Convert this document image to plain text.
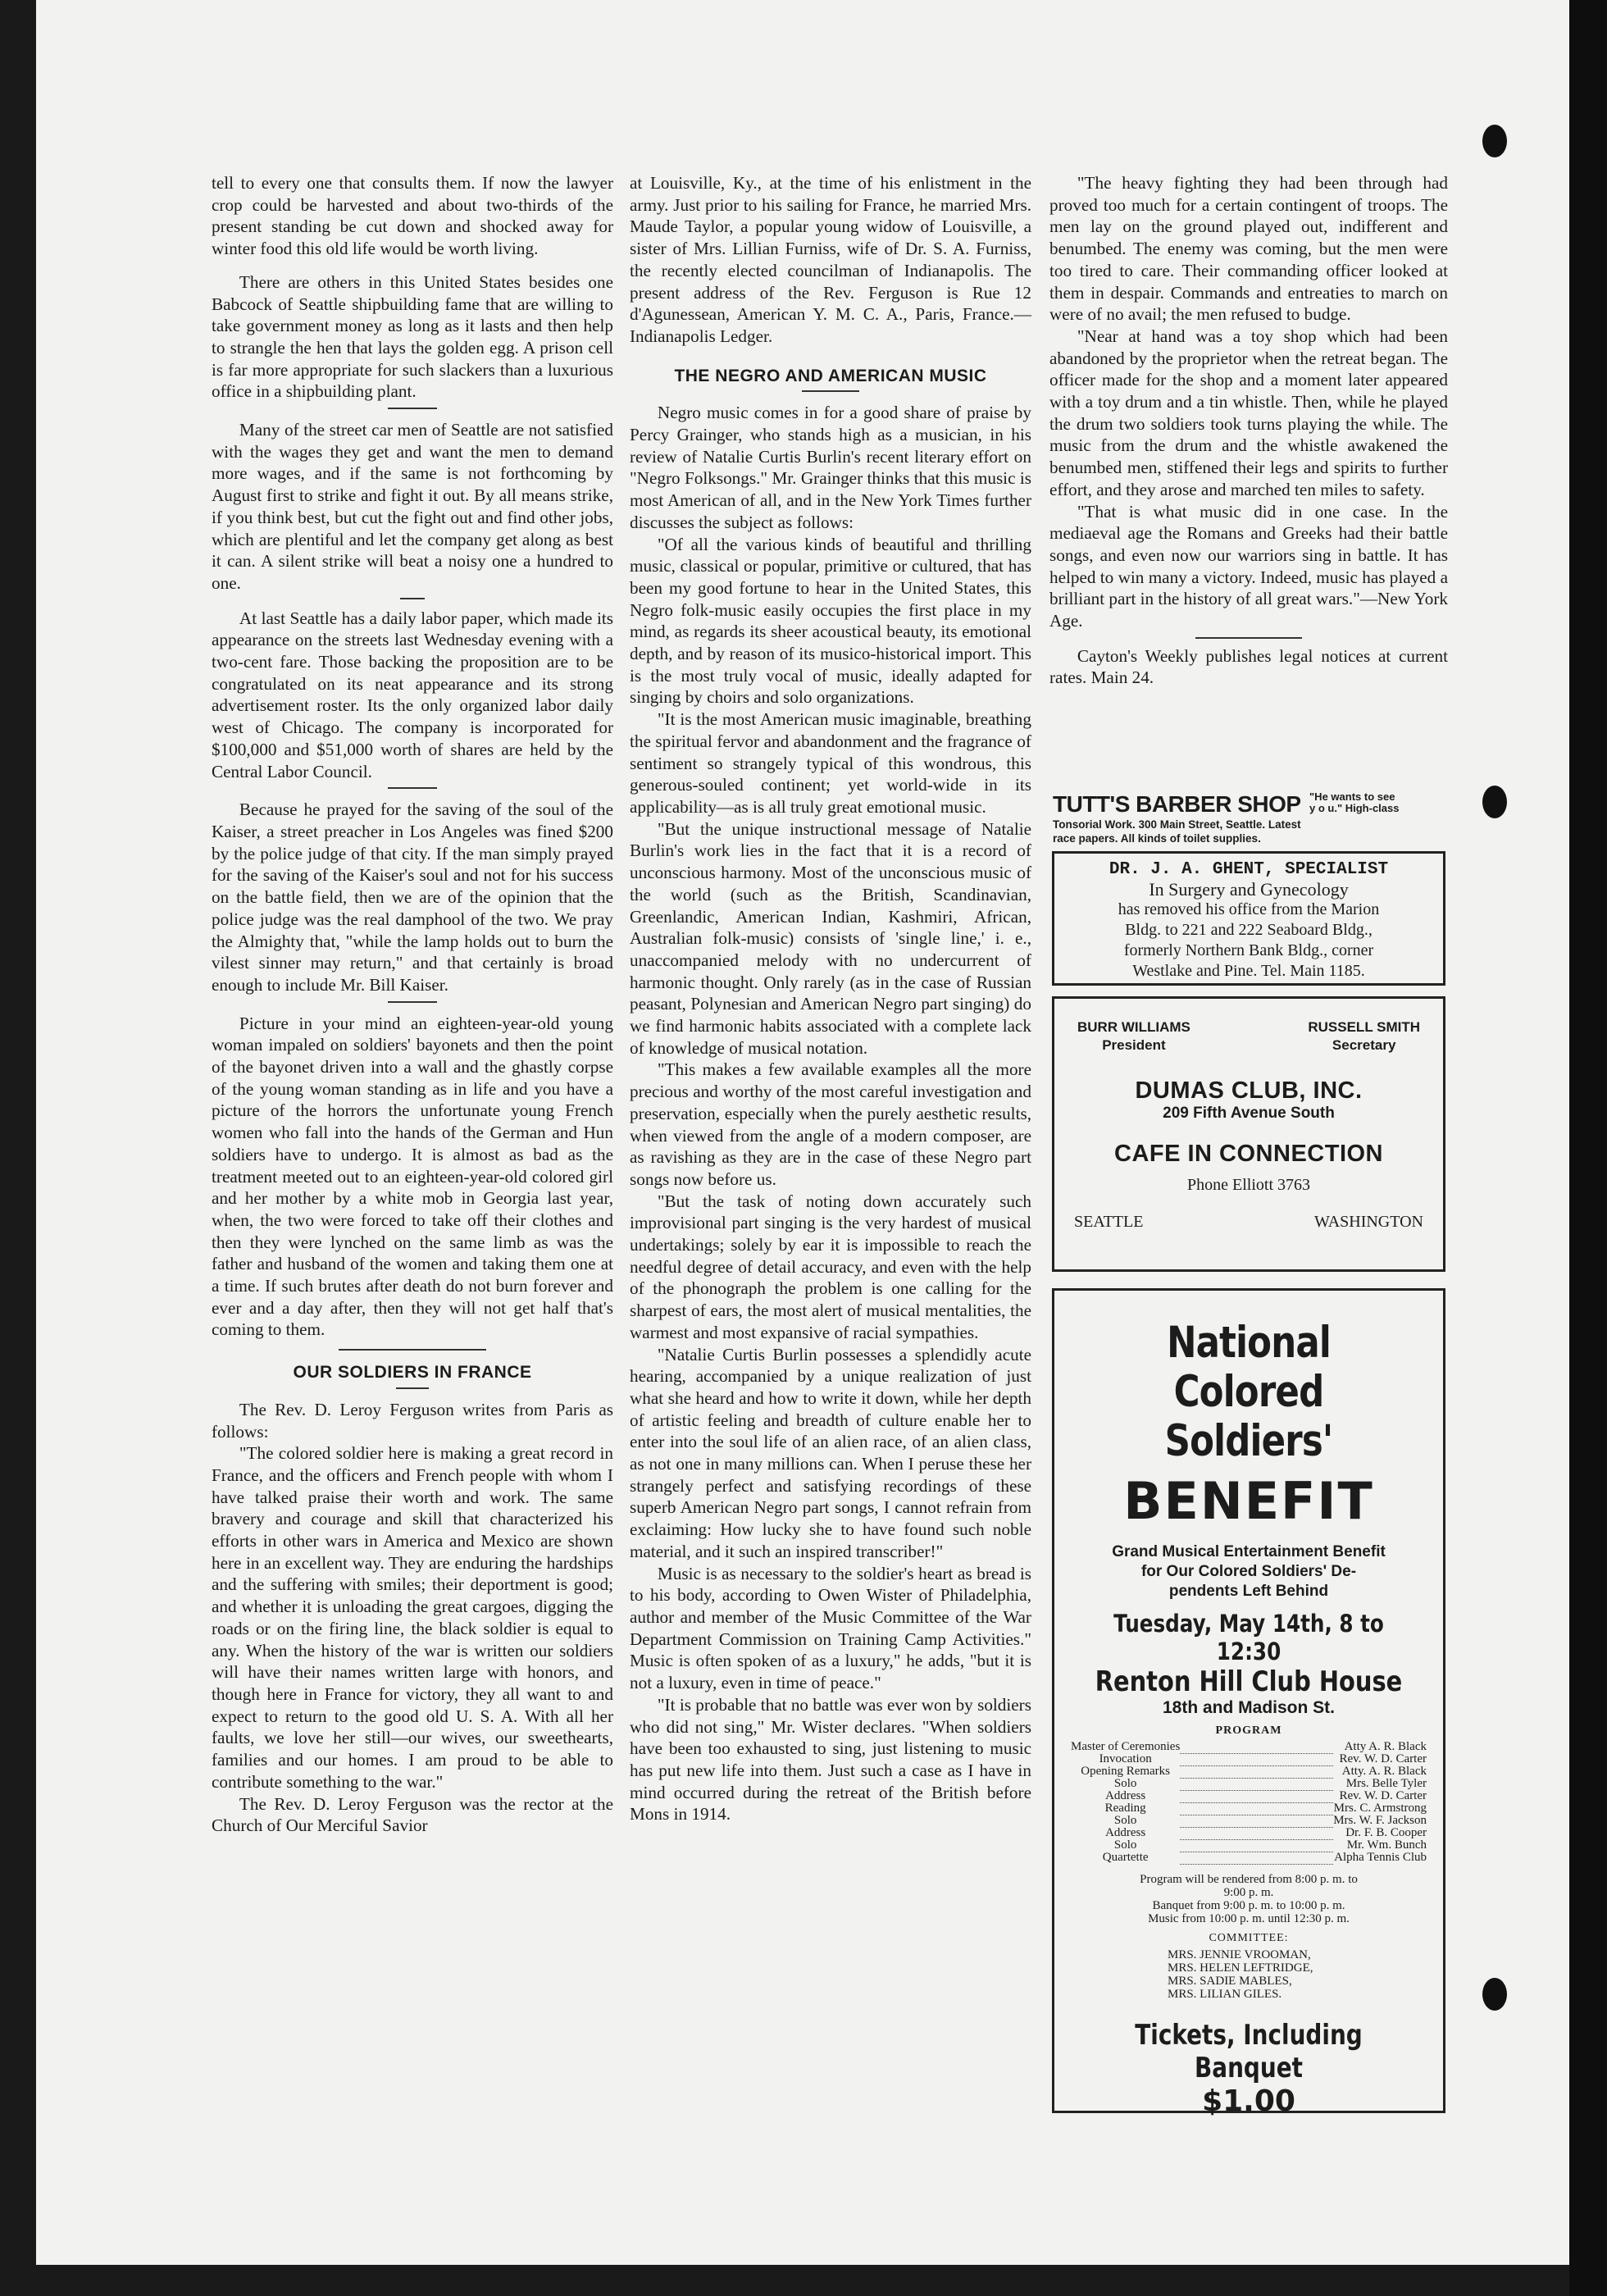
tell to every one that consults them. If now the lawyer crop could be harvested and about two-thirds of the present standing be cut down and shocked away for winter food this old life would be worth living.

There are others in this United States besides one Babcock of Seattle shipbuilding fame that are willing to take government money as long as it lasts and then help to strangle the hen that lays the golden egg. A prison cell is far more appropriate for such slackers than a luxurious office in a shipbuilding plant.

Many of the street car men of Seattle are not satisfied with the wages they get and want the men to demand more wages, and if the same is not forthcoming by August first to strike and fight it out. By all means strike, if you think best, but cut the fight out and find other jobs, which are plentiful and let the company get along as best it can. A silent strike will beat a noisy one a hundred to one.

At last Seattle has a daily labor paper, which made its appearance on the streets last Wednesday evening with a two-cent fare. Those backing the proposition are to be congratulated on its neat appearance and its strong advertisement roster. Its the only organized labor daily west of Chicago. The company is incorporated for $100,000 and $51,000 worth of shares are held by the Central Labor Council.

Because he prayed for the saving of the soul of the Kaiser, a street preacher in Los Angeles was fined $200 by the police judge of that city. If the man simply prayed for the saving of the Kaiser's soul and not for his success on the battle field, then we are of the opinion that the police judge was the real damphool of the two. We pray the Almighty that, "while the lamp holds out to burn the vilest sinner may return," and that certainly is broad enough to include Mr. Bill Kaiser.

Picture in your mind an eighteen-year-old young woman impaled on soldiers' bayonets and then the point of the bayonet driven into a wall and the ghastly corpse of the young woman standing as in life and you have a picture of the horrors the unfortunate young French women who fall into the hands of the German and Hun soldiers have to undergo. It is almost as bad as the treatment meeted out to an eighteen-year-old colored girl and her mother by a white mob in Georgia last year, when, the two were forced to take off their clothes and then they were lynched on the same limb as was the father and husband of the women and taking them one at a time. If such brutes after death do not burn forever and ever and a day after, then they will not get half that's coming to them.

OUR SOLDIERS IN FRANCE

The Rev. D. Leroy Ferguson writes from Paris as follows:

"The colored soldier here is making a great record in France, and the officers and French people with whom I have talked praise their worth and work. The same bravery and courage and skill that characterized his efforts in other wars in America and Mexico are shown here in an excellent way. They are enduring the hardships and the suffering with smiles; their deportment is good; and whether it is unloading the great cargoes, digging the roads or on the firing line, the black soldier is equal to any. When the history of the war is written our soldiers will have their names written large with honors, and though here in France for victory, they all want to and expect to return to the good old U. S. A. With all her faults, we love her still—our wives, our sweethearts, families and our homes. I am proud to be able to contribute something to the war."

The Rev. D. Leroy Ferguson was the rector at the Church of Our Merciful Savior

at Louisville, Ky., at the time of his enlistment in the army. Just prior to his sailing for France, he married Mrs. Maude Taylor, a popular young widow of Louisville, a sister of Mrs. Lillian Furniss, wife of Dr. S. A. Furniss, the recently elected councilman of Indianapolis. The present address of the Rev. Ferguson is Rue 12 d'Agunessean, American Y. M. C. A., Paris, France.—Indianapolis Ledger.

THE NEGRO AND AMERICAN MUSIC

Negro music comes in for a good share of praise by Percy Grainger, who stands high as a musician, in his review of Natalie Curtis Burlin's recent literary effort on "Negro Folksongs." Mr. Grainger thinks that this music is most American of all, and in the New York Times further discusses the subject as follows:

"Of all the various kinds of beautiful and thrilling music, classical or popular, primitive or cultured, that has been my good fortune to hear in the United States, this Negro folk-music easily occupies the first place in my mind, as regards its sheer acoustical beauty, its emotional depth, and by reason of its musico-historical import. This is the most truly vocal of music, ideally adapted for singing by choirs and solo organizations.

"It is the most American music imaginable, breathing the spiritual fervor and abandonment and the fragrance of sentiment so strangely typical of this wondrous, this generous-souled continent; yet world-wide in its applicability—as is all truly great emotional music.

"But the unique instructional message of Natalie Burlin's work lies in the fact that it is a record of unconscious harmony. Most of the unconscious music of the world (such as the British, Scandinavian, Greenlandic, American Indian, Kashmiri, African, Australian folk-music) consists of 'single line,' i. e., unaccompanied melody with no undercurrent of harmonic thought. Only rarely (as in the case of Russian peasant, Polynesian and American Negro part singing) do we find harmonic habits associated with a complete lack of knowledge of musical notation.

"This makes a few available examples all the more precious and worthy of the most careful investigation and preservation, especially when the purely aesthetic results, when viewed from the angle of a modern composer, are as ravishing as they are in the case of these Negro part songs now before us.

"But the task of noting down accurately such improvisional part singing is the very hardest of musical undertakings; solely by ear it is impossible to reach the needful degree of detail accuracy, and even with the help of the phonograph the problem is one calling for the sharpest of ears, the most alert of musical mentalities, the warmest and most expansive of racial sympathies.

"Natalie Curtis Burlin possesses a splendidly acute hearing, accompanied by a unique realization of just what she heard and how to write it down, while her depth of artistic feeling and breadth of culture enable her to enter into the soul life of an alien race, of an alien class, as not one in many millions can. When I peruse these her strangely perfect and satisfying recordings of these superb American Negro part songs, I cannot refrain from exclaiming: How lucky she to have found such noble material, and it such an inspired transcriber!"

Music is as necessary to the soldier's heart as bread is to his body, according to Owen Wister of Philadelphia, author and member of the Music Committee of the War Department Commission on Training Camp Activities." Music is often spoken of as a luxury," he adds, "but it is not a luxury, even in time of peace."

"It is probable that no battle was ever won by soldiers who did not sing," Mr. Wister declares. "When soldiers have been too exhausted to sing, just listening to music has put new life into them. Just such a case as I have in mind occurred during the retreat of the British before Mons in 1914.

"The heavy fighting they had been through had proved too much for a certain contingent of troops. The men lay on the ground played out, indifferent and benumbed. The enemy was coming, but the men were too tired to care. Their commanding officer looked at them in despair. Commands and entreaties to march on were of no avail; the men refused to budge.

"Near at hand was a toy shop which had been abandoned by the proprietor when the retreat began. The officer made for the shop and a moment later appeared with a toy drum and a tin whistle. Then, while he played the drum two soldiers took turns playing the while. The music from the drum and the whistle awakened the benumbed men, stiffened their legs and spirits to further effort, and they arose and marched ten miles to safety.

"That is what music did in one case. In the mediaeval age the Romans and Greeks had their battle songs, and even now our warriors sing in battle. It has helped to win many a victory. Indeed, music has played a brilliant part in the history of all great wars."—New York Age.

Cayton's Weekly publishes legal notices at current rates. Main 24.

TUTT'S BARBER SHOP "He wants to see
y o u." High-class
Tonsorial Work. 300 Main Street, Seattle. Latest
race papers. All kinds of toilet supplies.
DR. J. A. GHENT, SPECIALIST
In Surgery and Gynecology
has removed his office from the Marion
Bldg. to 221 and 222 Seaboard Bldg.,
formerly Northern Bank Bldg., corner
Westlake and Pine. Tel. Main 1185.
BURR WILLIAMS
President
RUSSELL SMITH
Secretary
DUMAS CLUB, INC.
209 Fifth Avenue South
CAFE IN CONNECTION
Phone Elliott 3763
SEATTLE	WASHINGTON
National Colored
Soldiers'
BENEFIT
Grand Musical Entertainment Benefit
for Our Colored Soldiers' De-
pendents Left Behind
Tuesday, May 14th, 8 to 12:30
Renton Hill Club House
18th and Madison St.
PROGRAM
Master of Ceremonies		Atty A. R. Black
Invocation		Rev. W. D. Carter
Opening Remarks		Atty. A. R. Black
Solo		Mrs. Belle Tyler
Address		Rev. W. D. Carter
Reading		Mrs. C. Armstrong
Solo		Mrs. W. F. Jackson
Address		Dr. F. B. Cooper
Solo		Mr. Wm. Bunch
Quartette		Alpha Tennis Club
Program will be rendered from 8:00 p. m. to
9:00 p. m.
Banquet from 9:00 p. m. to 10:00 p. m.
Music from 10:00 p. m. until 12:30 p. m.
COMMITTEE:
MRS. JENNIE VROOMAN,
MRS. HELEN LEFTRIDGE,
MRS. SADIE MABLES,
MRS. LILIAN GILES.
Tickets, Including Banquet
$1.00
